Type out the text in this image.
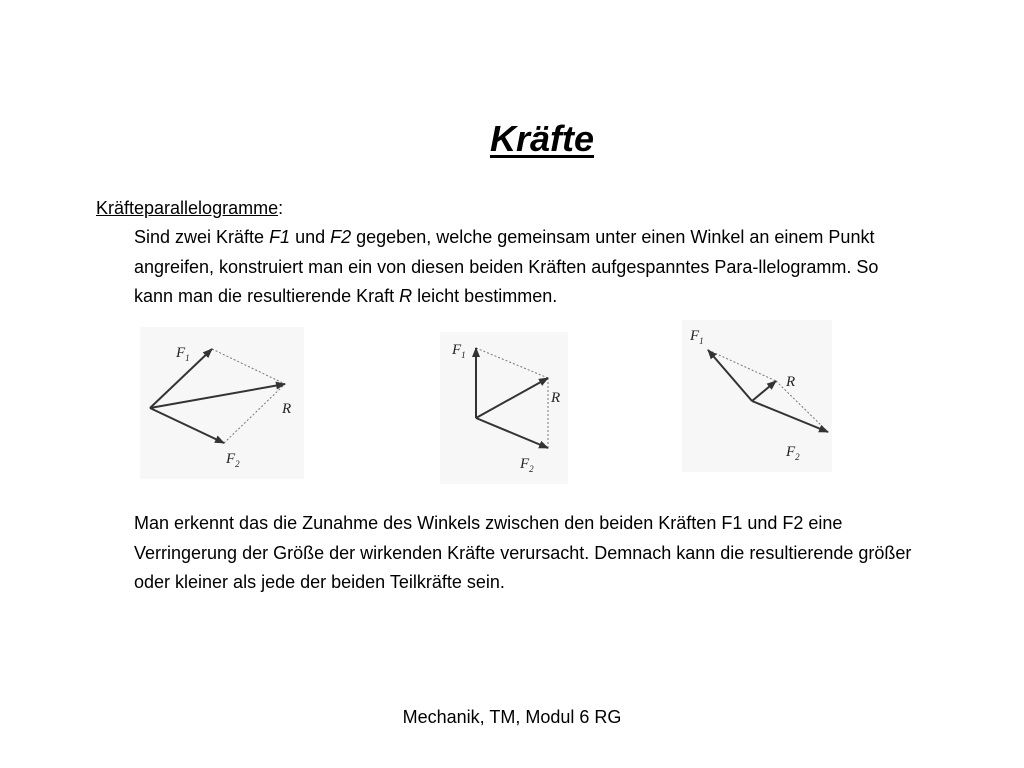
Kräfte

Kräfteparallelogramme:

Sind zwei Kräfte F1 und F2 gegeben, welche gemeinsam unter einen Winkel an einem Punkt angreifen, konstruiert man ein von diesen beiden Kräften aufgespanntes Para-llelogramm. So kann man die resultierende Kraft R leicht bestimmen.

$F_1$
R
$F_2$
$F_1$
R
$F_2$
$F_1$
R
$F_2$

Man erkennt das die Zunahme des Winkels zwischen den beiden Kräften F1 und F2 eine Verringerung der Größe der wirkenden Kräfte verursacht. Demnach kann die resultierende größer oder kleiner als jede der beiden Teilkräfte sein.

Mechanik, TM, Modul 6 RG
